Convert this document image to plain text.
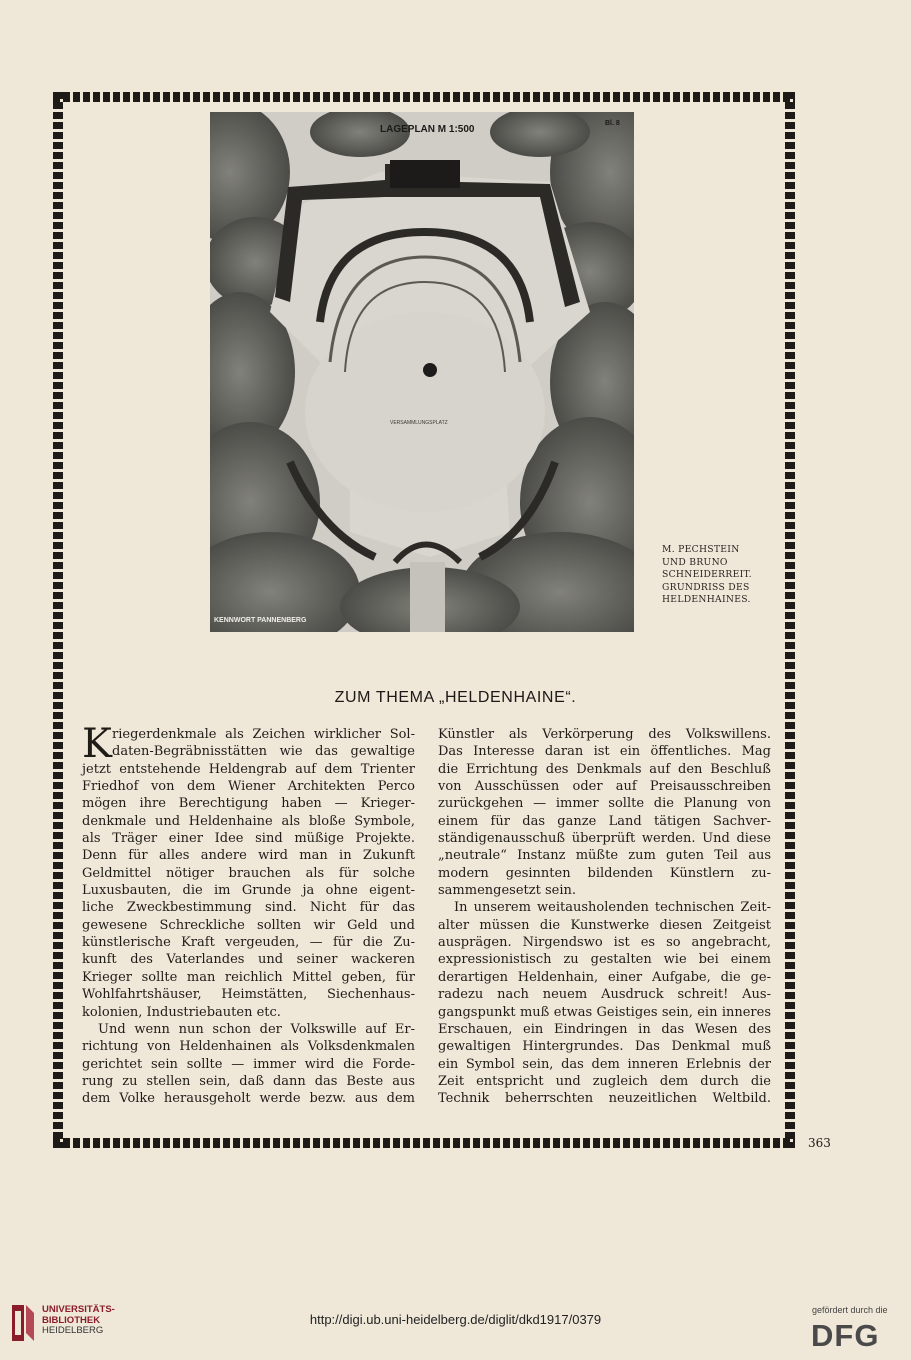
LAGEPLAN M 1:500
Bl. 8
VERSAMMLUNGSPLATZ
KENNWORT PANNENBERG
M. PECHSTEIN
UND BRUNO
SCHNEIDERREIT.
GRUNDRISS DES
HELDENHAINES.
ZUM THEMA „HELDENHAINE“.
K riegerdenkmale als Zeichen wirklicher Sol-
daten-Begräbnisstätten wie das gewaltige
jetzt entstehende Heldengrab auf dem Trienter
Friedhof von dem Wiener Architekten Perco
mögen ihre Berechtigung haben — Krieger-
denkmale und Heldenhaine als bloße Symbole,
als Träger einer Idee sind müßige Projekte.
Denn für alles andere wird man in Zukunft
Geldmittel nötiger brauchen als für solche
Luxusbauten, die im Grunde ja ohne eigent-
liche Zweckbestimmung sind. Nicht für das
gewesene Schreckliche sollten wir Geld und
künstlerische Kraft vergeuden, — für die Zu-
kunft des Vaterlandes und seiner wackeren
Krieger sollte man reichlich Mittel geben, für
Wohlfahrtshäuser, Heimstätten, Siechenhaus-
kolonien, Industriebauten etc.
Und wenn nun schon der Volkswille auf Er-
richtung von Heldenhainen als Volksdenkmalen
gerichtet sein sollte — immer wird die Forde-
rung zu stellen sein, daß dann das Beste aus
dem Volke herausgeholt werde bezw. aus dem
Künstler als Verkörperung des Volkswillens.
Das Interesse daran ist ein öffentliches. Mag
die Errichtung des Denkmals auf den Beschluß
von Ausschüssen oder auf Preisausschreiben
zurückgehen — immer sollte die Planung von
einem für das ganze Land tätigen Sachver-
ständigenausschuß überprüft werden. Und diese
„neutrale“ Instanz müßte zum guten Teil aus
modern gesinnten bildenden Künstlern zu-
sammengesetzt sein.
In unserem weitausholenden technischen Zeit-
alter müssen die Kunstwerke diesen Zeitgeist
ausprägen. Nirgendswo ist es so angebracht,
expressionistisch zu gestalten wie bei einem
derartigen Heldenhain, einer Aufgabe, die ge-
radezu nach neuem Ausdruck schreit! Aus-
gangspunkt muß etwas Geistiges sein, ein inneres
Erschauen, ein Eindringen in das Wesen des
gewaltigen Hintergrundes. Das Denkmal muß
ein Symbol sein, das dem inneren Erlebnis der
Zeit entspricht und zugleich dem durch die
Technik beherrschten neuzeitlichen Weltbild.
363
UNIVERSITÄTS-
BIBLIOTHEK
HEIDELBERG
http://digi.ub.uni-heidelberg.de/diglit/dkd1917/0379
gefördert durch die
DFG
